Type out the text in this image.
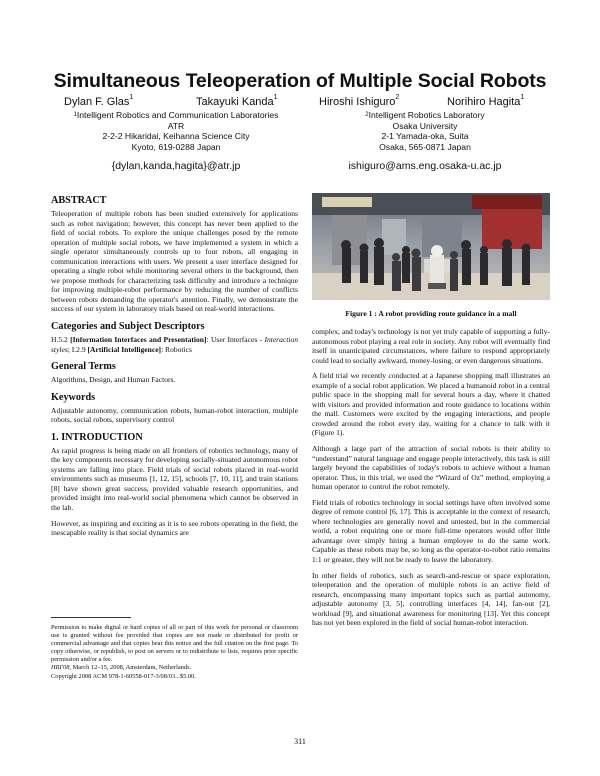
Simultaneous Teleoperation of Multiple Social Robots
Dylan F. Glas$^1$	Takayuki Kanda$^1$	Hiroshi Ishiguro$^2$	Norihiro Hagita$^1$
$^1$Intelligent Robotics and Communication Laboratories
ATR
2-2-2 Hikaridai, Keihanna Science City
Kyoto, 619-0288 Japan
$^2$Intelligent Robotics Laboratory
Osaka University
2-1 Yamada-oka, Suita
Osaka, 565-0871 Japan
{dylan,kanda,hagita}@atr.jp	ishiguro@ams.eng.osaka-u.ac.jp
ABSTRACT

Teleoperation of multiple robots has been studied extensively for applications such as robot navigation; however, this concept has never been applied to the field of social robots. To explore the unique challenges posed by the remote operation of multiple social robots, we have implemented a system in which a single operator simultaneously controls up to four robots, all engaging in communication interactions with users. We present a user interface designed for operating a single robot while monitoring several others in the background, then we propose methods for characterizing task difficulty and introduce a technique for improving multiple-robot performance by reducing the number of conflicts between robots demanding the operator's attention. Finally, we demonstrate the success of our system in laboratory trials based on real-world interactions.

Categories and Subject Descriptors

H.5.2 [Information Interfaces and Presentation]: User Interfaces - Interaction styles; I.2.9 [Artificial Intelligence]: Robotics

General Terms

Algorithms, Design, and Human Factors.

Keywords

Adjustable autonomy, communication robots, human-robot interaction, multiple robots, social robots, supervisory control

1. INTRODUCTION

As rapid progress is being made on all frontiers of robotics technology, many of the key components necessary for developing socially-situated autonomous robot systems are falling into place. Field trials of social robots placed in real-world environments such as museums [1, 12, 15], schools [7, 10, 11], and train stations [8] have shown great success, provided valuable research opportunities, and provided insight into real-world social phenomena which cannot be observed in the lab.

However, as inspiring and exciting as it is to see robots operating in the field, the inescapable reality is that social dynamics are

Figure 1 : A robot providing route guidance in a mall

complex, and today's technology is not yet truly capable of supporting a fully-autonomous robot playing a real role in society. Any robot will eventually find itself in unanticipated circumstances, where failure to respond appropriately could lead to socially awkward, money-losing, or even dangerous situations.

A field trial we recently conducted at a Japanese shopping mall illustrates an example of a social robot application. We placed a humanoid robot in a central public space in the shopping mall for several hours a day, where it chatted with visitors and provided information and route guidance to locations within the mall. Customers were excited by the engaging interactions, and people crowded around the robot every day, waiting for a chance to talk with it (Figure 1).

Although a large part of the attraction of social robots is their ability to “understand” natural language and engage people interactively, this task is still largely beyond the capabilities of today's robots to achieve without a human operator. Thus, in this trial, we used the “Wizard of Oz” method, employing a human operator to control the robot remotely.

Field trials of robotics technology in social settings have often involved some degree of remote control [6, 17]. This is acceptable in the context of research, where technologies are generally novel and untested, but in the commercial world, a robot requiring one or more full-time operators would offer little advantage over simply hiring a human employee to do the same work. Capable as these robots may be, so long as the operator-to-robot ratio remains 1:1 or greater, they will not be ready to leave the laboratory.

In other fields of robotics, such as search-and-rescue or space exploration, teleoperation and the operation of multiple robots is an active field of research, encompassing many important topics such as partial autonomy, adjustable autonomy [3, 5], controlling interfaces [4, 14], fan-out [2], workload [9], and situational awareness for monitoring [13]. Yet this concept has not yet been explored in the field of social human-robot interaction.

Permission to make digital or hard copies of all or part of this work for personal or classroom use is granted without fee provided that copies are not made or distributed for profit or commercial advantage and that copies bear this notice and the full citation on the first page. To copy otherwise, or republish, to post on servers or to redistribute to lists, requires prior specific permission and/or a fee.
HRI'08, March 12–15, 2008, Amsterdam, Netherlands.
Copyright 2008 ACM 978-1-60558-017-3/08/03...$5.00.
311
